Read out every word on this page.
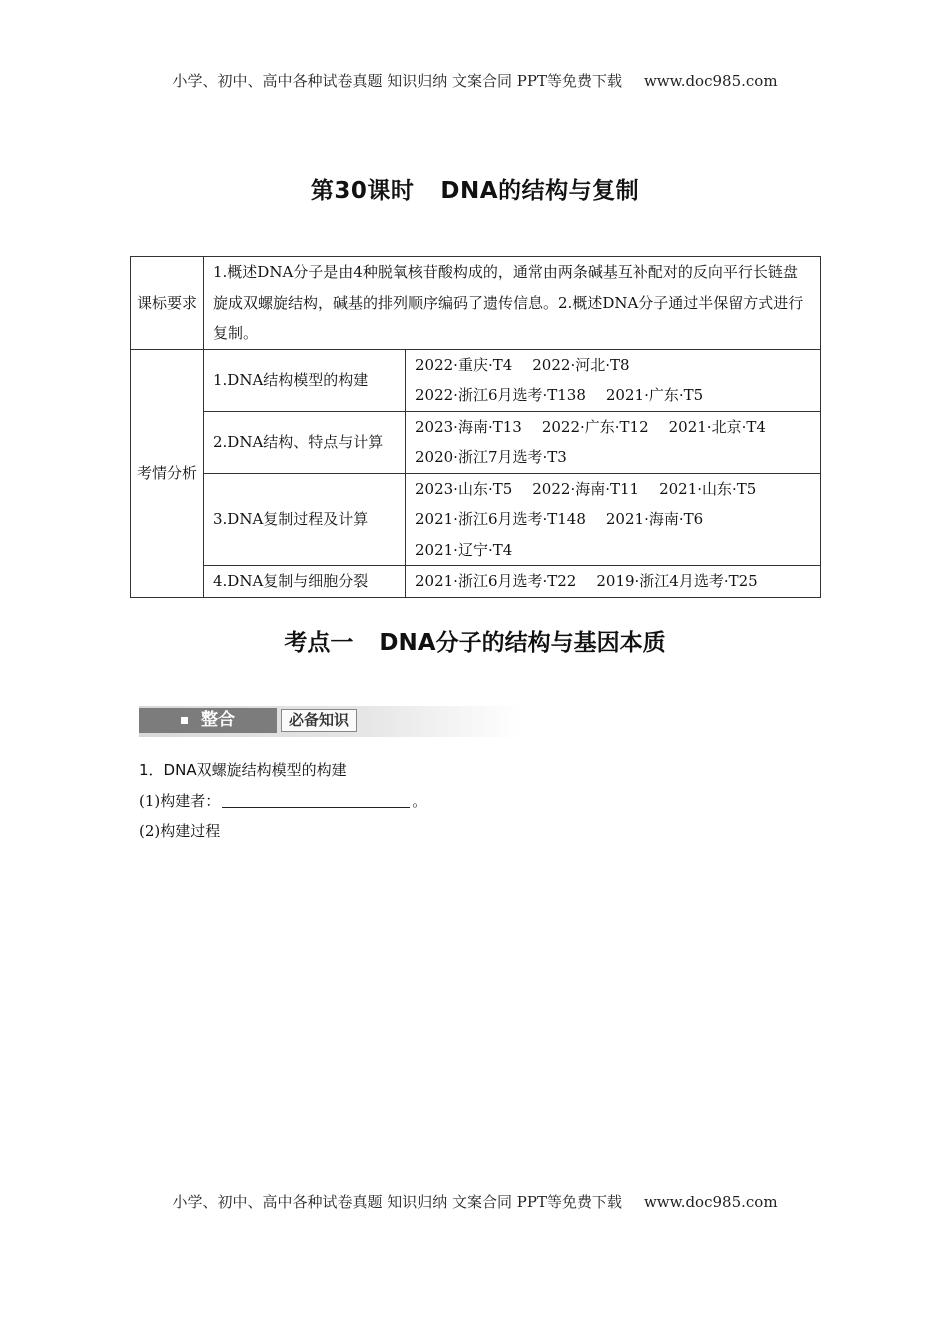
小学、初中、高中各种试卷真题 知识归纳 文案合同 PPT等免费下载 www.doc985.com
第30课时 DNA的结构与复制
课标要求	1.概述DNA分子是由4种脱氧核苷酸构成的，通常由两条碱基互补配对的反向平行长链盘旋成双螺旋结构，碱基的排列顺序编码了遗传信息。2.概述DNA分子通过半保留方式进行复制。	
考情分析	1.DNA结构模型的构建	2022·重庆·T4 2022·河北·T8
2022·浙江6月选考·T138 2021·广东·T5

	2.DNA结构、特点与计算	2023·海南·T13 2022·广东·T12 2021·北京·T4
2020·浙江7月选考·T3

	3.DNA复制过程及计算	2023·山东·T5 2022·海南·T11 2021·山东·T5
2021·浙江6月选考·T148 2021·海南·T6
2021·辽宁·T4

	4.DNA复制与细胞分裂	2021·浙江6月选考·T22 2019·浙江4月选考·T25
考点一 DNA分子的结构与基因本质
整合	必备知识
1．DNA双螺旋结构模型的构建
(1)构建者：	。
(2)构建过程
小学、初中、高中各种试卷真题 知识归纳 文案合同 PPT等免费下载 www.doc985.com
